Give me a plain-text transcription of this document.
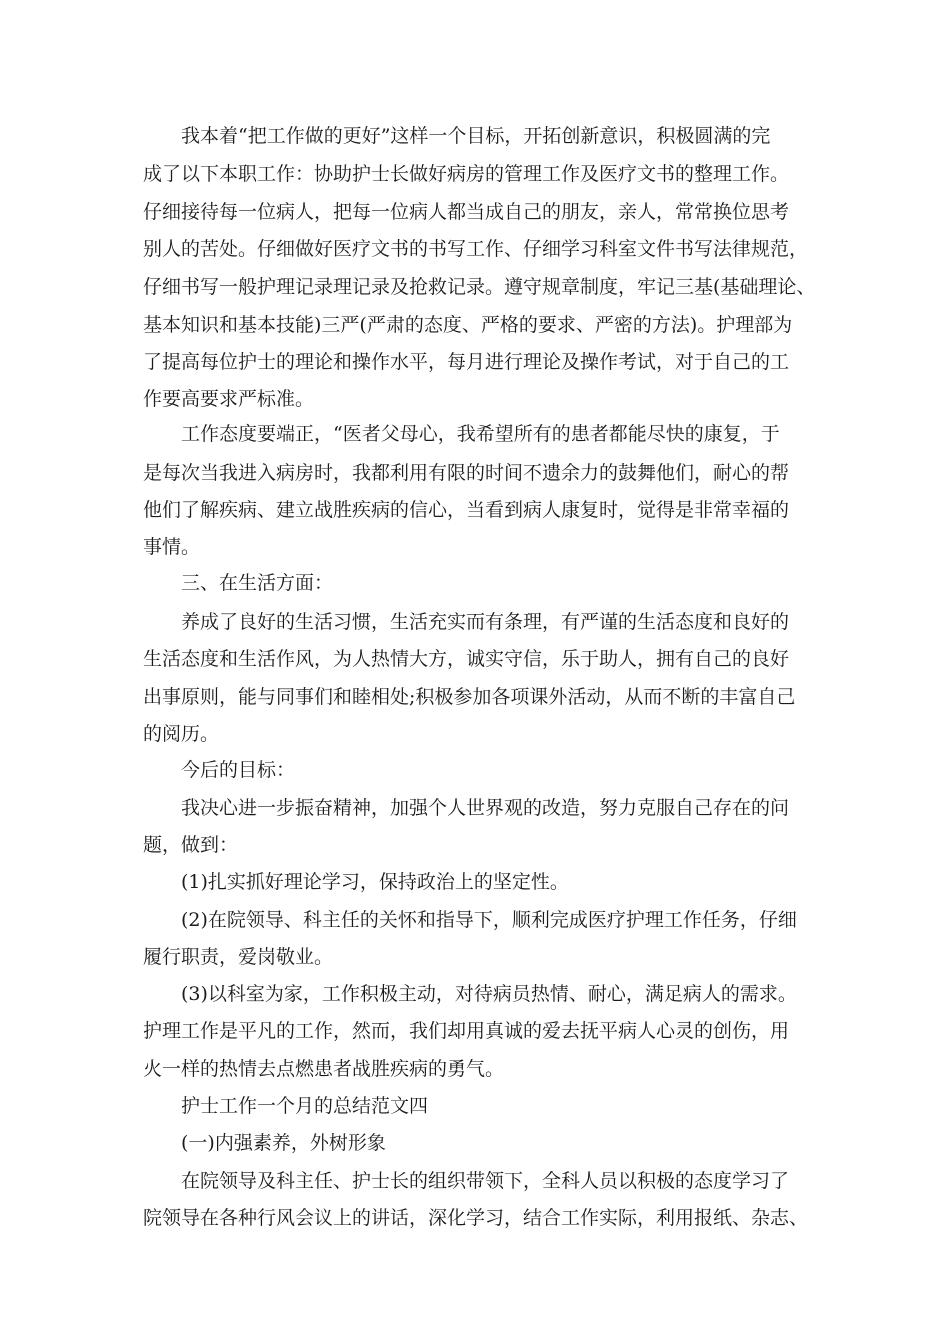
我本着“把工作做的更好”这样一个目标，开拓创新意识，积极圆满的完
成了以下本职工作：协助护士长做好病房的管理工作及医疗文书的整理工作。
仔细接待每一位病人，把每一位病人都当成自己的朋友，亲人，常常换位思考
别人的苦处。仔细做好医疗文书的书写工作、仔细学习科室文件书写法律规范，
仔细书写一般护理记录理记录及抢救记录。遵守规章制度，牢记三基(基础理论、
基本知识和基本技能)三严(严肃的态度、严格的要求、严密的方法)。护理部为
了提高每位护士的理论和操作水平，每月进行理论及操作考试，对于自己的工
作要高要求严标准。
工作态度要端正，“医者父母心，我希望所有的患者都能尽快的康复，于
是每次当我进入病房时，我都利用有限的时间不遗余力的鼓舞他们，耐心的帮
他们了解疾病、建立战胜疾病的信心，当看到病人康复时，觉得是非常幸福的
事情。
三、在生活方面：
养成了良好的生活习惯，生活充实而有条理，有严谨的生活态度和良好的
生活态度和生活作风，为人热情大方，诚实守信，乐于助人，拥有自己的良好
出事原则，能与同事们和睦相处;积极参加各项课外活动，从而不断的丰富自己
的阅历。
今后的目标：
我决心进一步振奋精神，加强个人世界观的改造，努力克服自己存在的问
题，做到：
(1)扎实抓好理论学习，保持政治上的坚定性。
(2)在院领导、科主任的关怀和指导下，顺利完成医疗护理工作任务，仔细
履行职责，爱岗敬业。
(3)以科室为家，工作积极主动，对待病员热情、耐心，满足病人的需求。
护理工作是平凡的工作，然而，我们却用真诚的爱去抚平病人心灵的创伤，用
火一样的热情去点燃患者战胜疾病的勇气。
护士工作一个月的总结范文四
(一)内强素养，外树形象
在院领导及科主任、护士长的组织带领下，全科人员以积极的态度学习了
院领导在各种行风会议上的讲话，深化学习，结合工作实际，利用报纸、杂志、
